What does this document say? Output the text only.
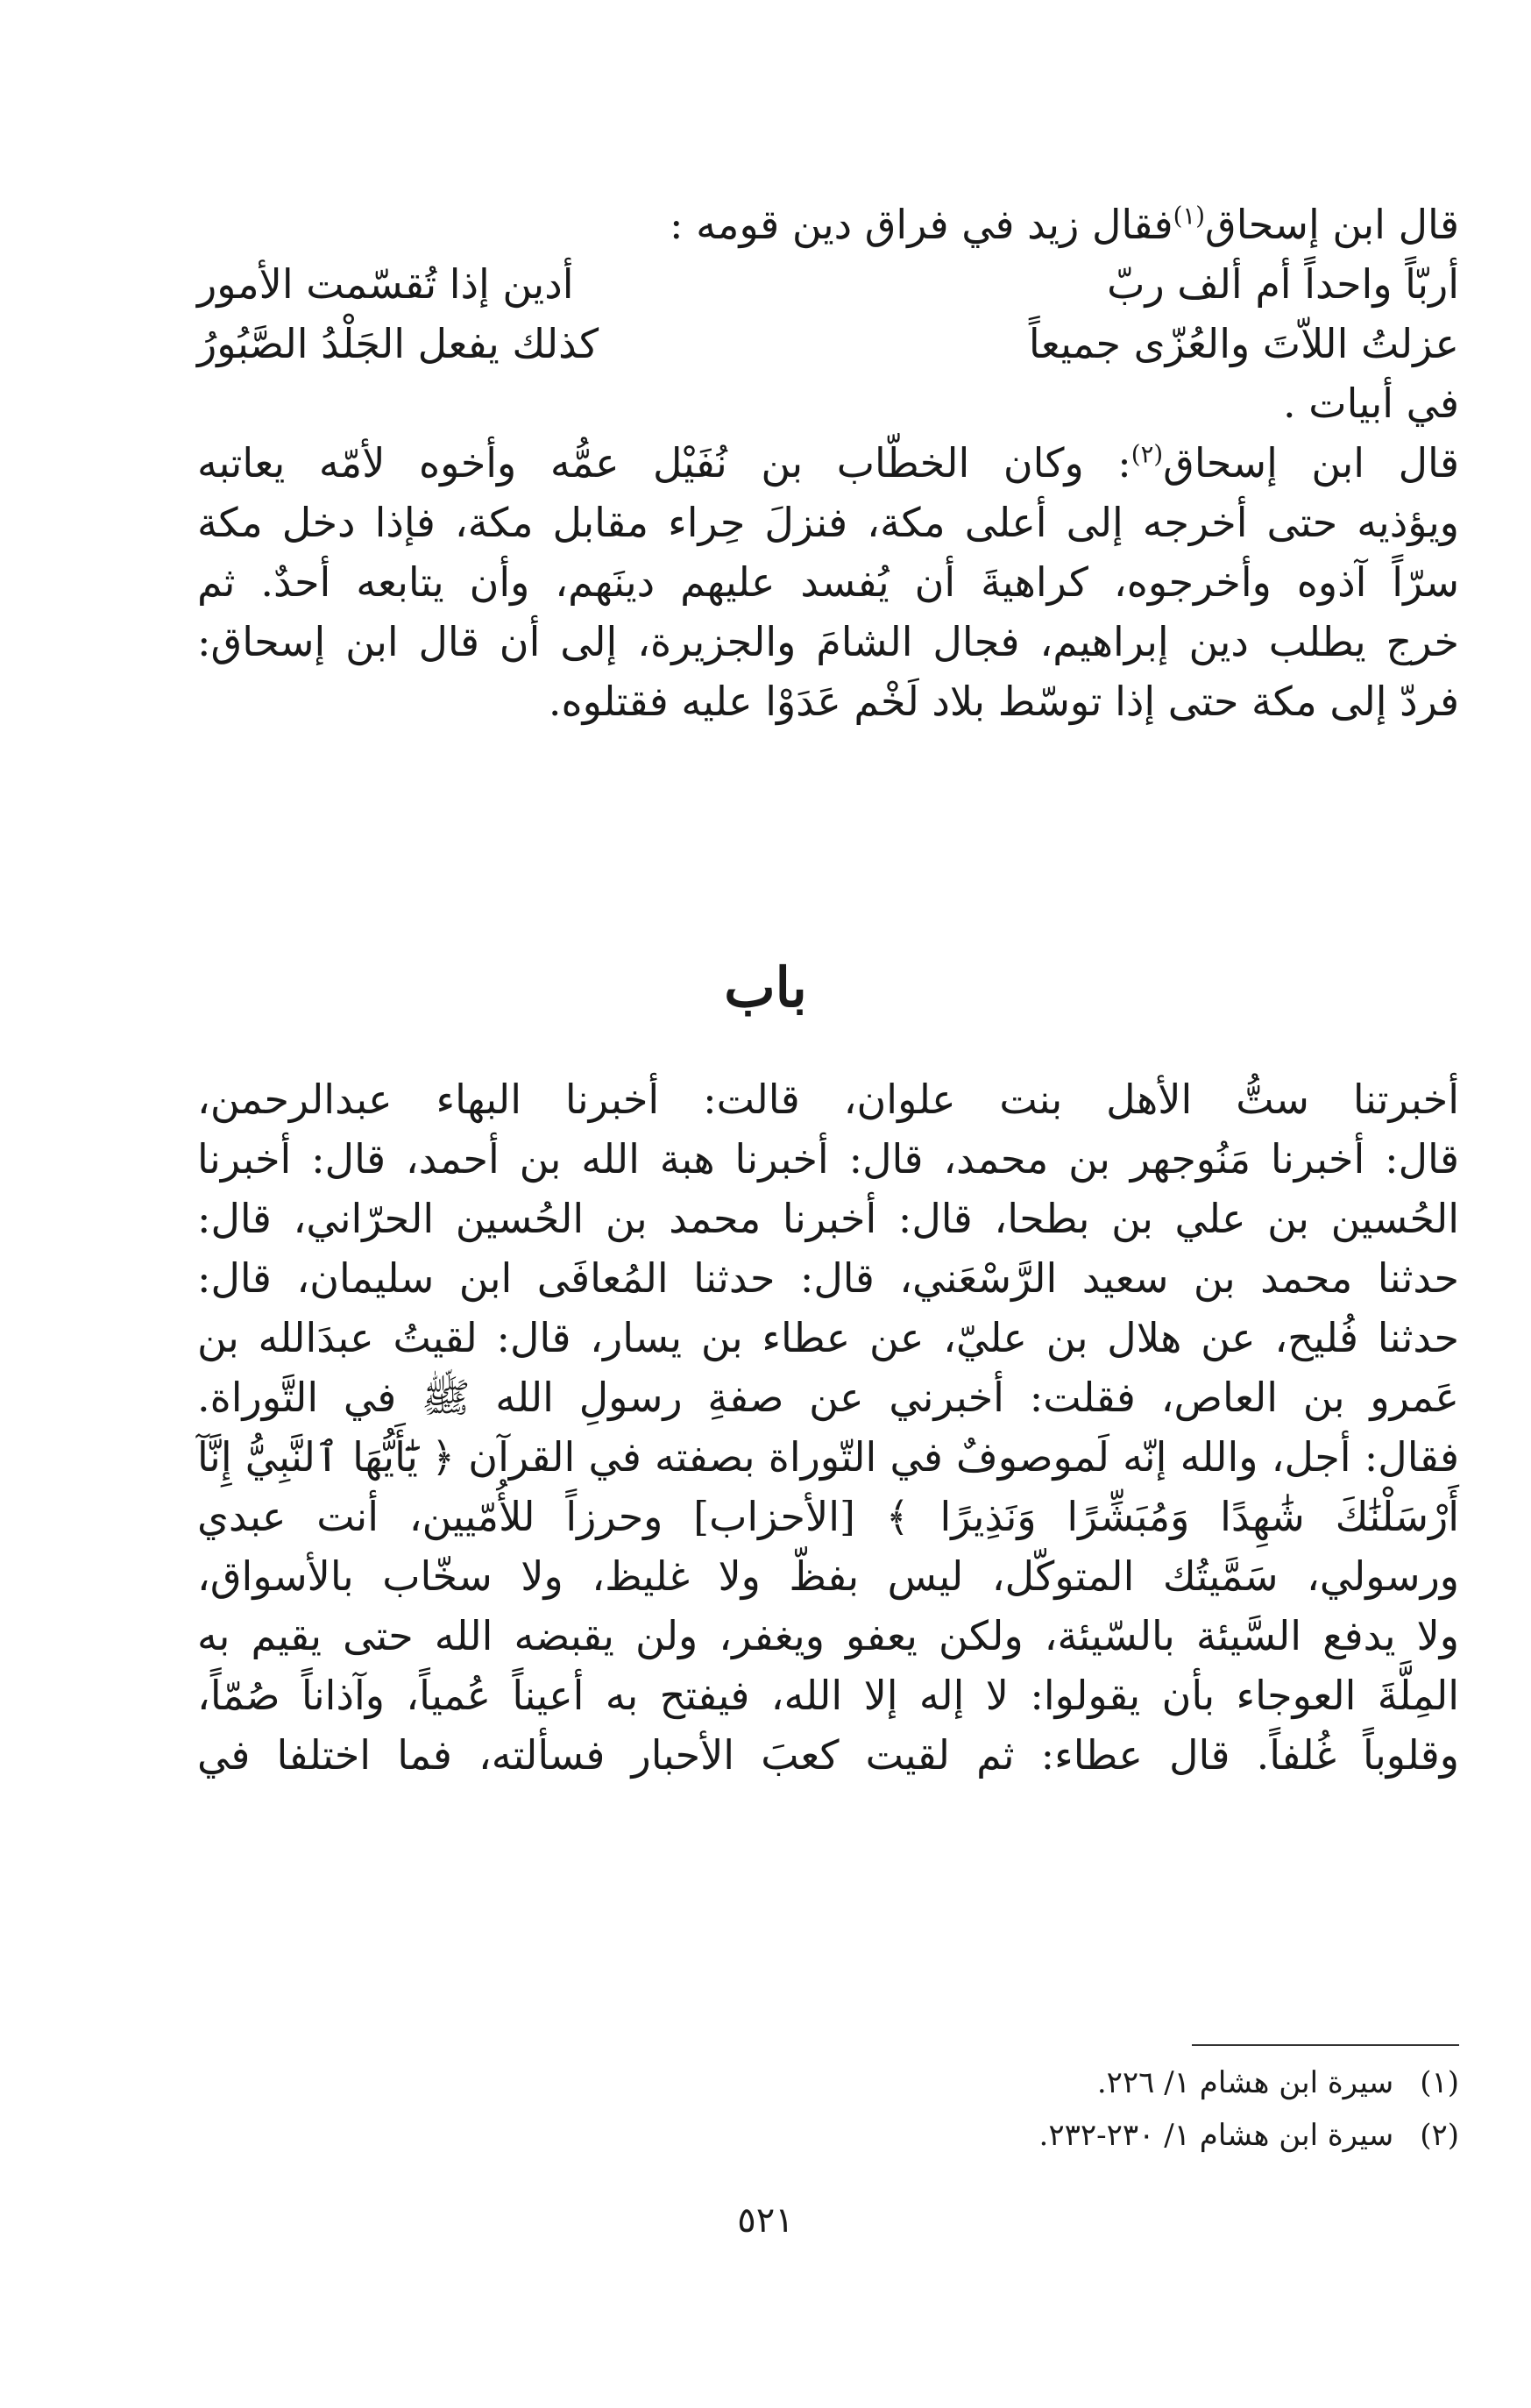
قال ابن إسحاق$^{(١)}$فقال زيد في فراق دين قومه :
أربّاً واحداً أم ألف ربّ
أدين إذا تُقسّمت الأمور
عزلتُ اللاّتَ والعُزّى جميعاً
كذلك يفعل الجَلْدُ الصَّبُورُ
في أبيات .
قال ابن إسحاق$^{(٢)}$: وكان الخطّاب بن نُفَيْل عمُّه وأخوه لأمّه يعاتبه
ويؤذيه حتى أخرجه إلى أعلى مكة، فنزلَ حِراء مقابل مكة، فإذا دخل مكة
سرّاً آذوه وأخرجوه، كراهيةَ أن يُفسد عليهم دينَهم، وأن يتابعه أحدٌ. ثم
خرج يطلب دين إبراهيم، فجال الشامَ والجزيرة، إلى أن قال ابن إسحاق:
فردّ إلى مكة حتى إذا توسّط بلاد لَخْم عَدَوْا عليه فقتلوه.
باب
أخبرتنا ستُّ الأهل بنت علوان، قالت: أخبرنا البهاء عبدالرحمن،
قال: أخبرنا مَنُوجهر بن محمد، قال: أخبرنا هبة الله بن أحمد، قال: أخبرنا
الحُسين بن علي بن بطحا، قال: أخبرنا محمد بن الحُسين الحرّاني، قال:
حدثنا محمد بن سعيد الرَّسْعَني، قال: حدثنا المُعافَى ابن سليمان، قال:
حدثنا فُليح، عن هلال بن عليّ، عن عطاء بن يسار، قال: لقيتُ عبدَالله بن
عَمرو بن العاص، فقلت: أخبرني عن صفةِ رسولِ الله ﷺ في التَّوراة.
فقال: أجل، والله إنّه لَموصوفٌ في التّوراة بصفته في القرآن ﴿ يَٰٓأَيُّهَا ٱلنَّبِيُّ إِنَّآ
أَرْسَلْنَٰكَ شَٰهِدًا وَمُبَشِّرًا وَنَذِيرًا ﴾ [الأحزاب] وحرزاً للأُمّيين، أنت عبدي
ورسولي، سَمَّيتُك المتوكّل، ليس بفظّ ولا غليظ، ولا سخّاب بالأسواق،
ولا يدفع السَّيئة بالسّيئة، ولكن يعفو ويغفر، ولن يقبضه الله حتى يقيم به
المِلَّةَ العوجاء بأن يقولوا: لا إله إلا الله، فيفتح به أعيناً عُمياً، وآذاناً صُمّاً،
وقلوباً غُلفاً. قال عطاء: ثم لقيت كعبَ الأحبار فسألته، فما اختلفا في
(١)سيرة ابن هشام ١/ ٢٢٦.
(٢)سيرة ابن هشام ١/ ٢٣٠-٢٣٢.
٥٢١
